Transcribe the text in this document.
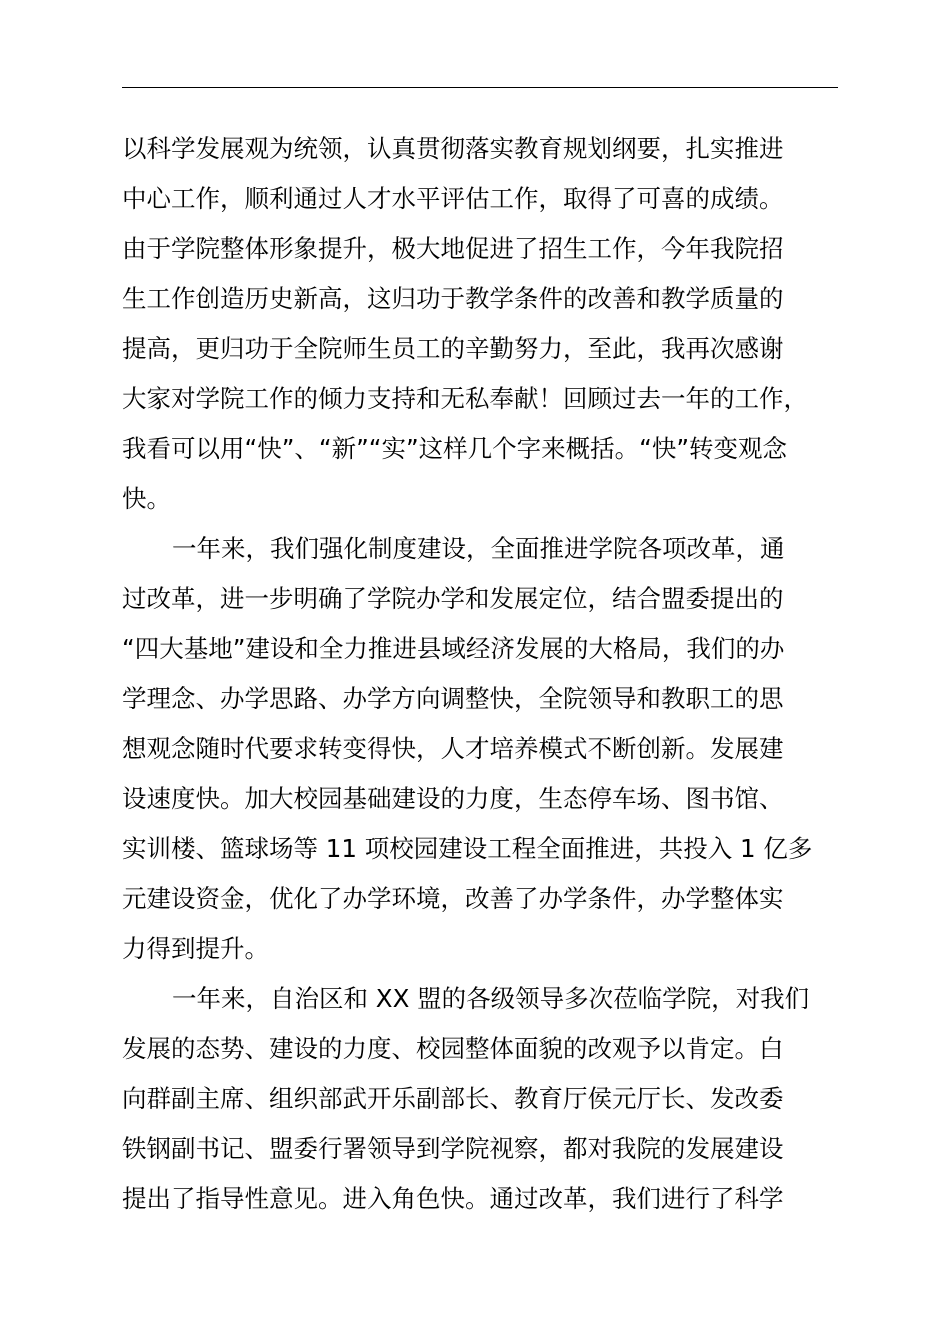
以科学发展观为统领，认真贯彻落实教育规划纲要，扎实推进
中心工作，顺利通过人才水平评估工作，取得了可喜的成绩。
由于学院整体形象提升，极大地促进了招生工作，今年我院招
生工作创造历史新高，这归功于教学条件的改善和教学质量的
提高，更归功于全院师生员工的辛勤努力，至此，我再次感谢
大家对学院工作的倾力支持和无私奉献！回顾过去一年的工作，
我看可以用“快”、“新”“实”这样几个字来概括。“快”转变观念
快。
一年来，我们强化制度建设，全面推进学院各项改革，通
过改革，进一步明确了学院办学和发展定位，结合盟委提出的
“四大基地”建设和全力推进县域经济发展的大格局，我们的办
学理念、办学思路、办学方向调整快，全院领导和教职工的思
想观念随时代要求转变得快，人才培养模式不断创新。发展建
设速度快。加大校园基础建设的力度，生态停车场、图书馆、
实训楼、篮球场等 11 项校园建设工程全面推进，共投入 1 亿多
元建设资金，优化了办学环境，改善了办学条件，办学整体实
力得到提升。
一年来，自治区和 XX 盟的各级领导多次莅临学院，对我们
发展的态势、建设的力度、校园整体面貌的改观予以肯定。白
向群副主席、组织部武开乐副部长、教育厅侯元厅长、发改委
铁钢副书记、盟委行署领导到学院视察，都对我院的发展建设
提出了指导性意见。进入角色快。通过改革，我们进行了科学
